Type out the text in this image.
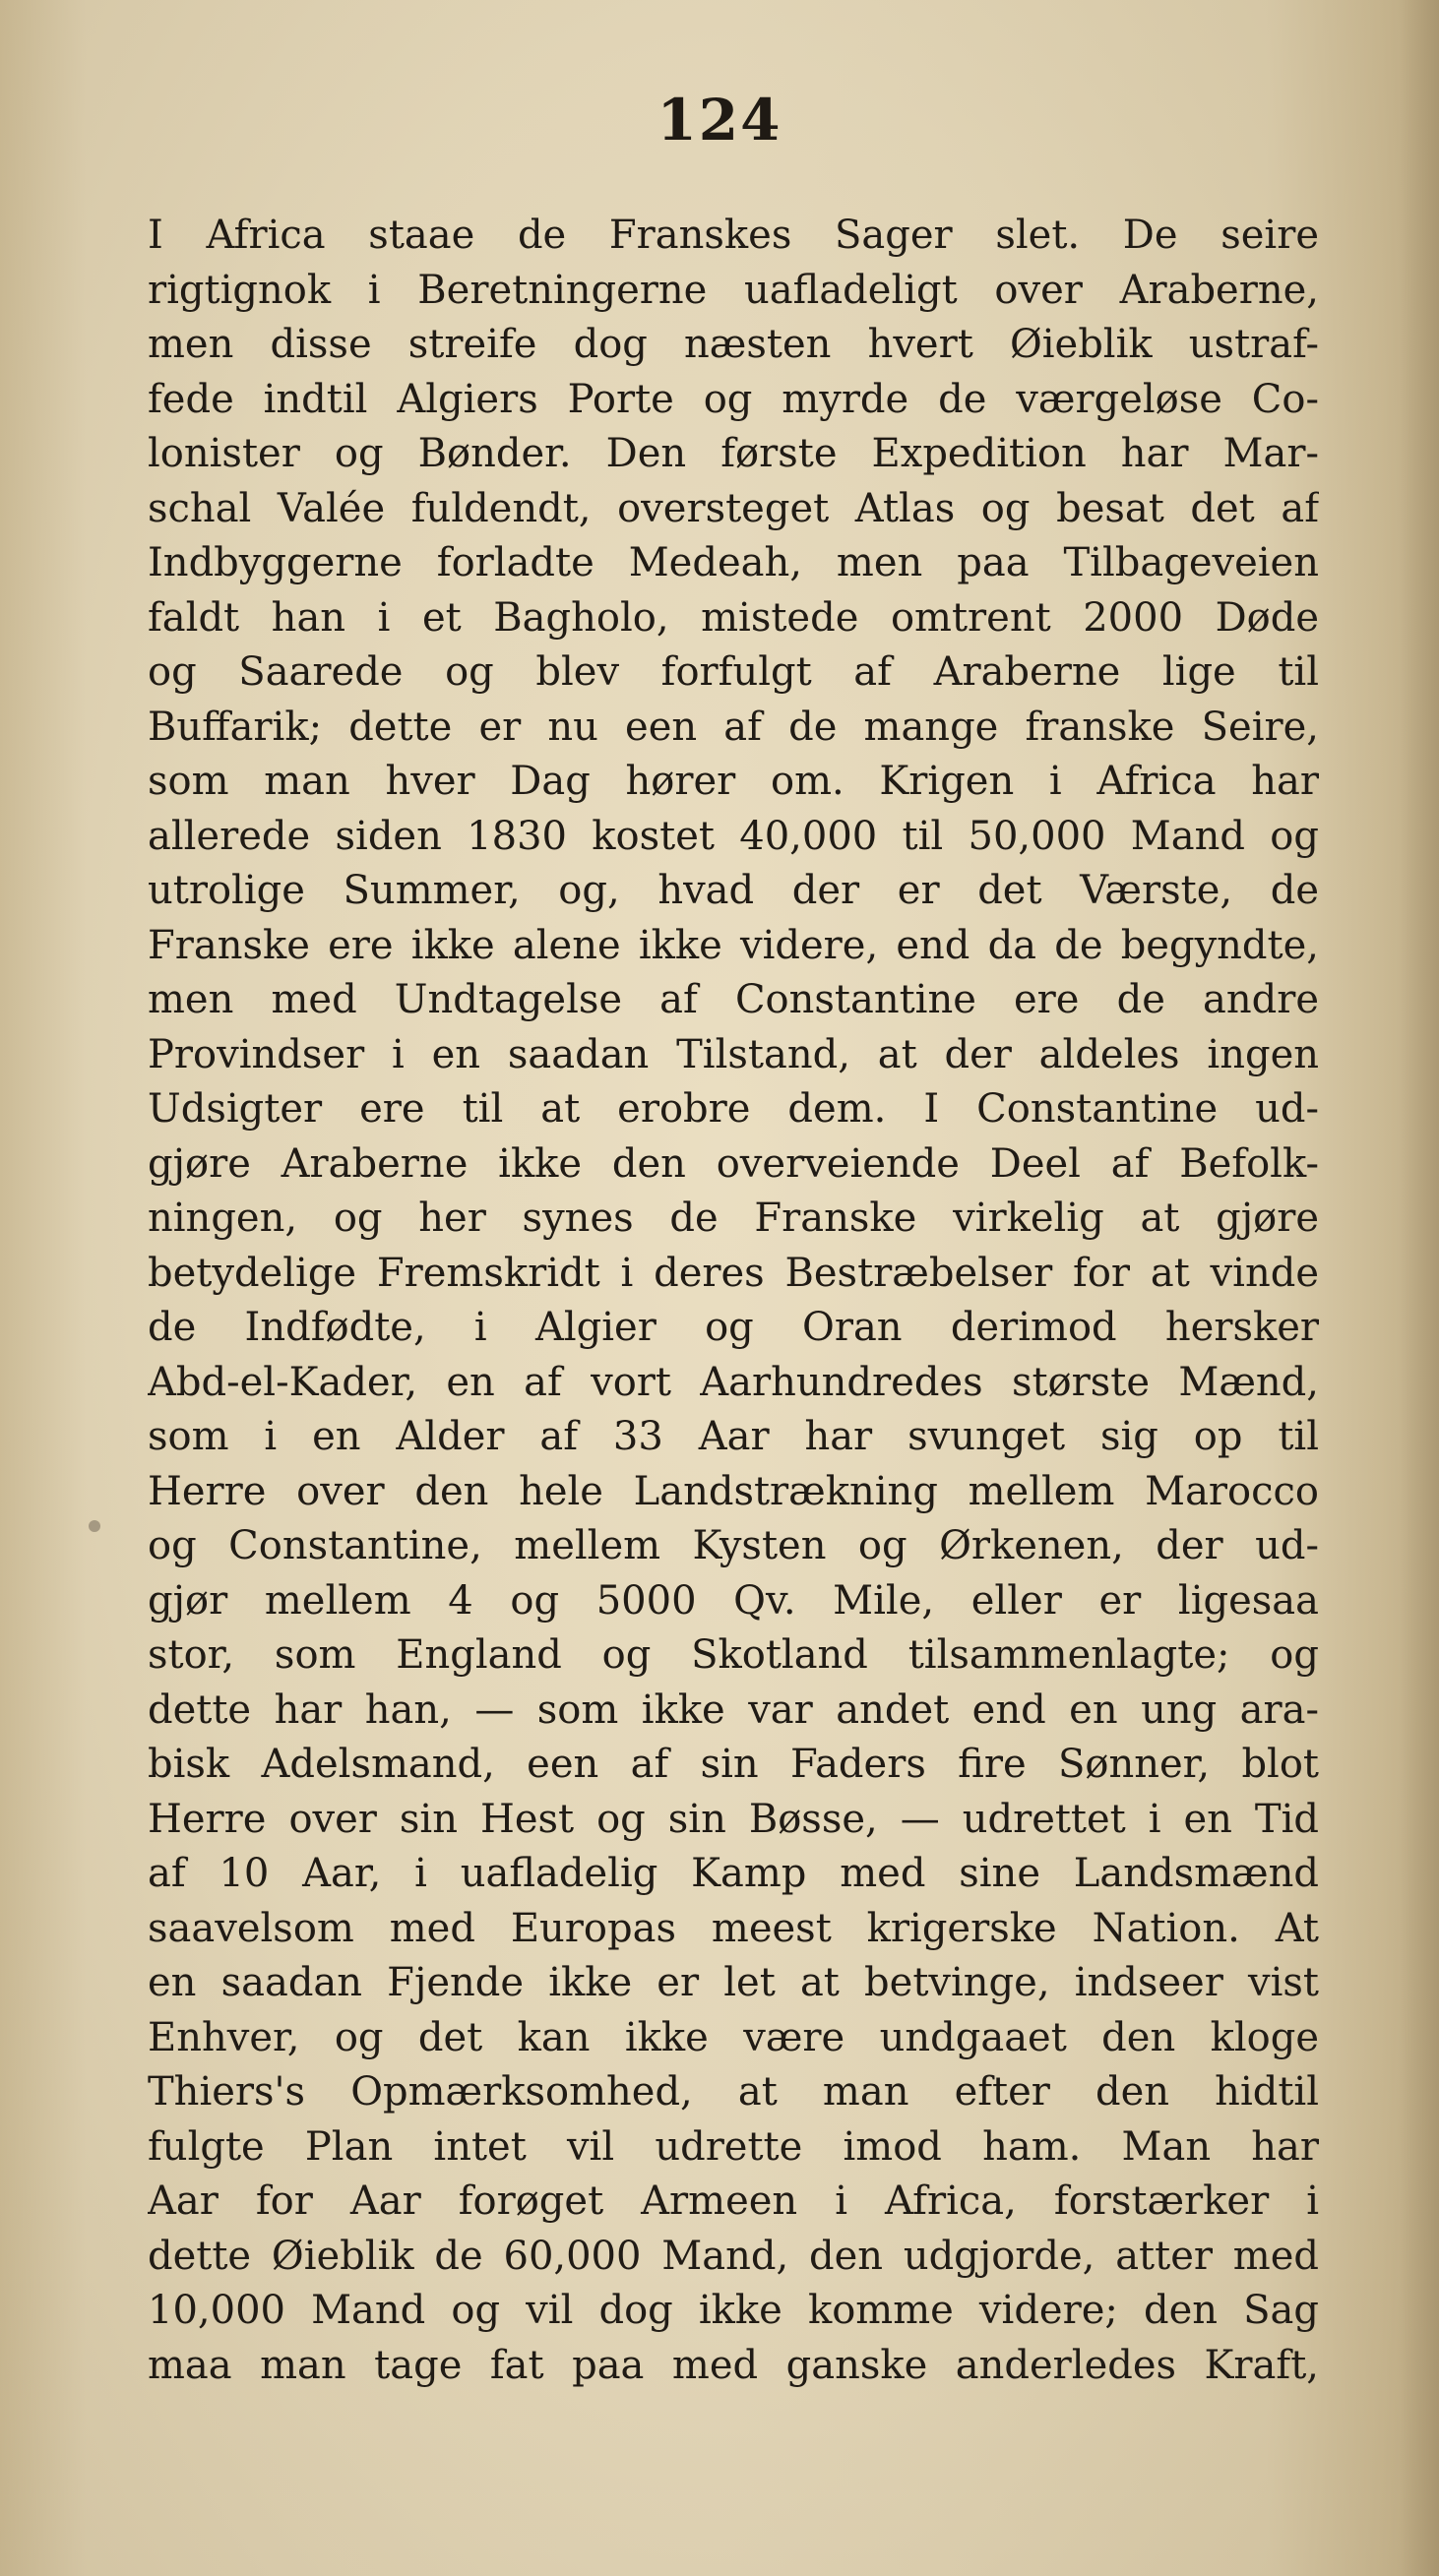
124
I Africa staae de Franskes Sager slet. De seire
rigtignok i Beretningerne uafladeligt over Araberne,
men disse streife dog næsten hvert Øieblik ustraf-
fede indtil Algiers Porte og myrde de værgeløse Co-
lonister og Bønder. Den første Expedition har Mar-
schal Valée fuldendt, oversteget Atlas og besat det af
Indbyggerne forladte Medeah, men paa Tilbageveien
faldt han i et Bagholo, mistede omtrent 2000 Døde
og Saarede og blev forfulgt af Araberne lige til
Buffarik; dette er nu een af de mange franske Seire,
som man hver Dag hører om. Krigen i Africa har
allerede siden 1830 kostet 40,000 til 50,000 Mand og
utrolige Summer, og, hvad der er det Værste, de
Franske ere ikke alene ikke videre, end da de begyndte,
men med Undtagelse af Constantine ere de andre
Provindser i en saadan Tilstand, at der aldeles ingen
Udsigter ere til at erobre dem. I Constantine ud-
gjøre Araberne ikke den overveiende Deel af Befolk-
ningen, og her synes de Franske virkelig at gjøre
betydelige Fremskridt i deres Bestræbelser for at vinde
de Indfødte, i Algier og Oran derimod hersker
Abd-el-Kader, en af vort Aarhundredes største Mænd,
som i en Alder af 33 Aar har svunget sig op til
Herre over den hele Landstrækning mellem Marocco
og Constantine, mellem Kysten og Ørkenen, der ud-
gjør mellem 4 og 5000 Qv. Mile, eller er ligesaa
stor, som England og Skotland tilsammenlagte; og
dette har han, — som ikke var andet end en ung ara-
bisk Adelsmand, een af sin Faders fire Sønner, blot
Herre over sin Hest og sin Bøsse, — udrettet i en Tid
af 10 Aar, i uafladelig Kamp med sine Landsmænd
saavelsom med Europas meest krigerske Nation. At
en saadan Fjende ikke er let at betvinge, indseer vist
Enhver, og det kan ikke være undgaaet den kloge
Thiers's Opmærksomhed, at man efter den hidtil
fulgte Plan intet vil udrette imod ham. Man har
Aar for Aar forøget Armeen i Africa, forstærker i
dette Øieblik de 60,000 Mand, den udgjorde, atter med
10,000 Mand og vil dog ikke komme videre; den Sag
maa man tage fat paa med ganske anderledes Kraft,
